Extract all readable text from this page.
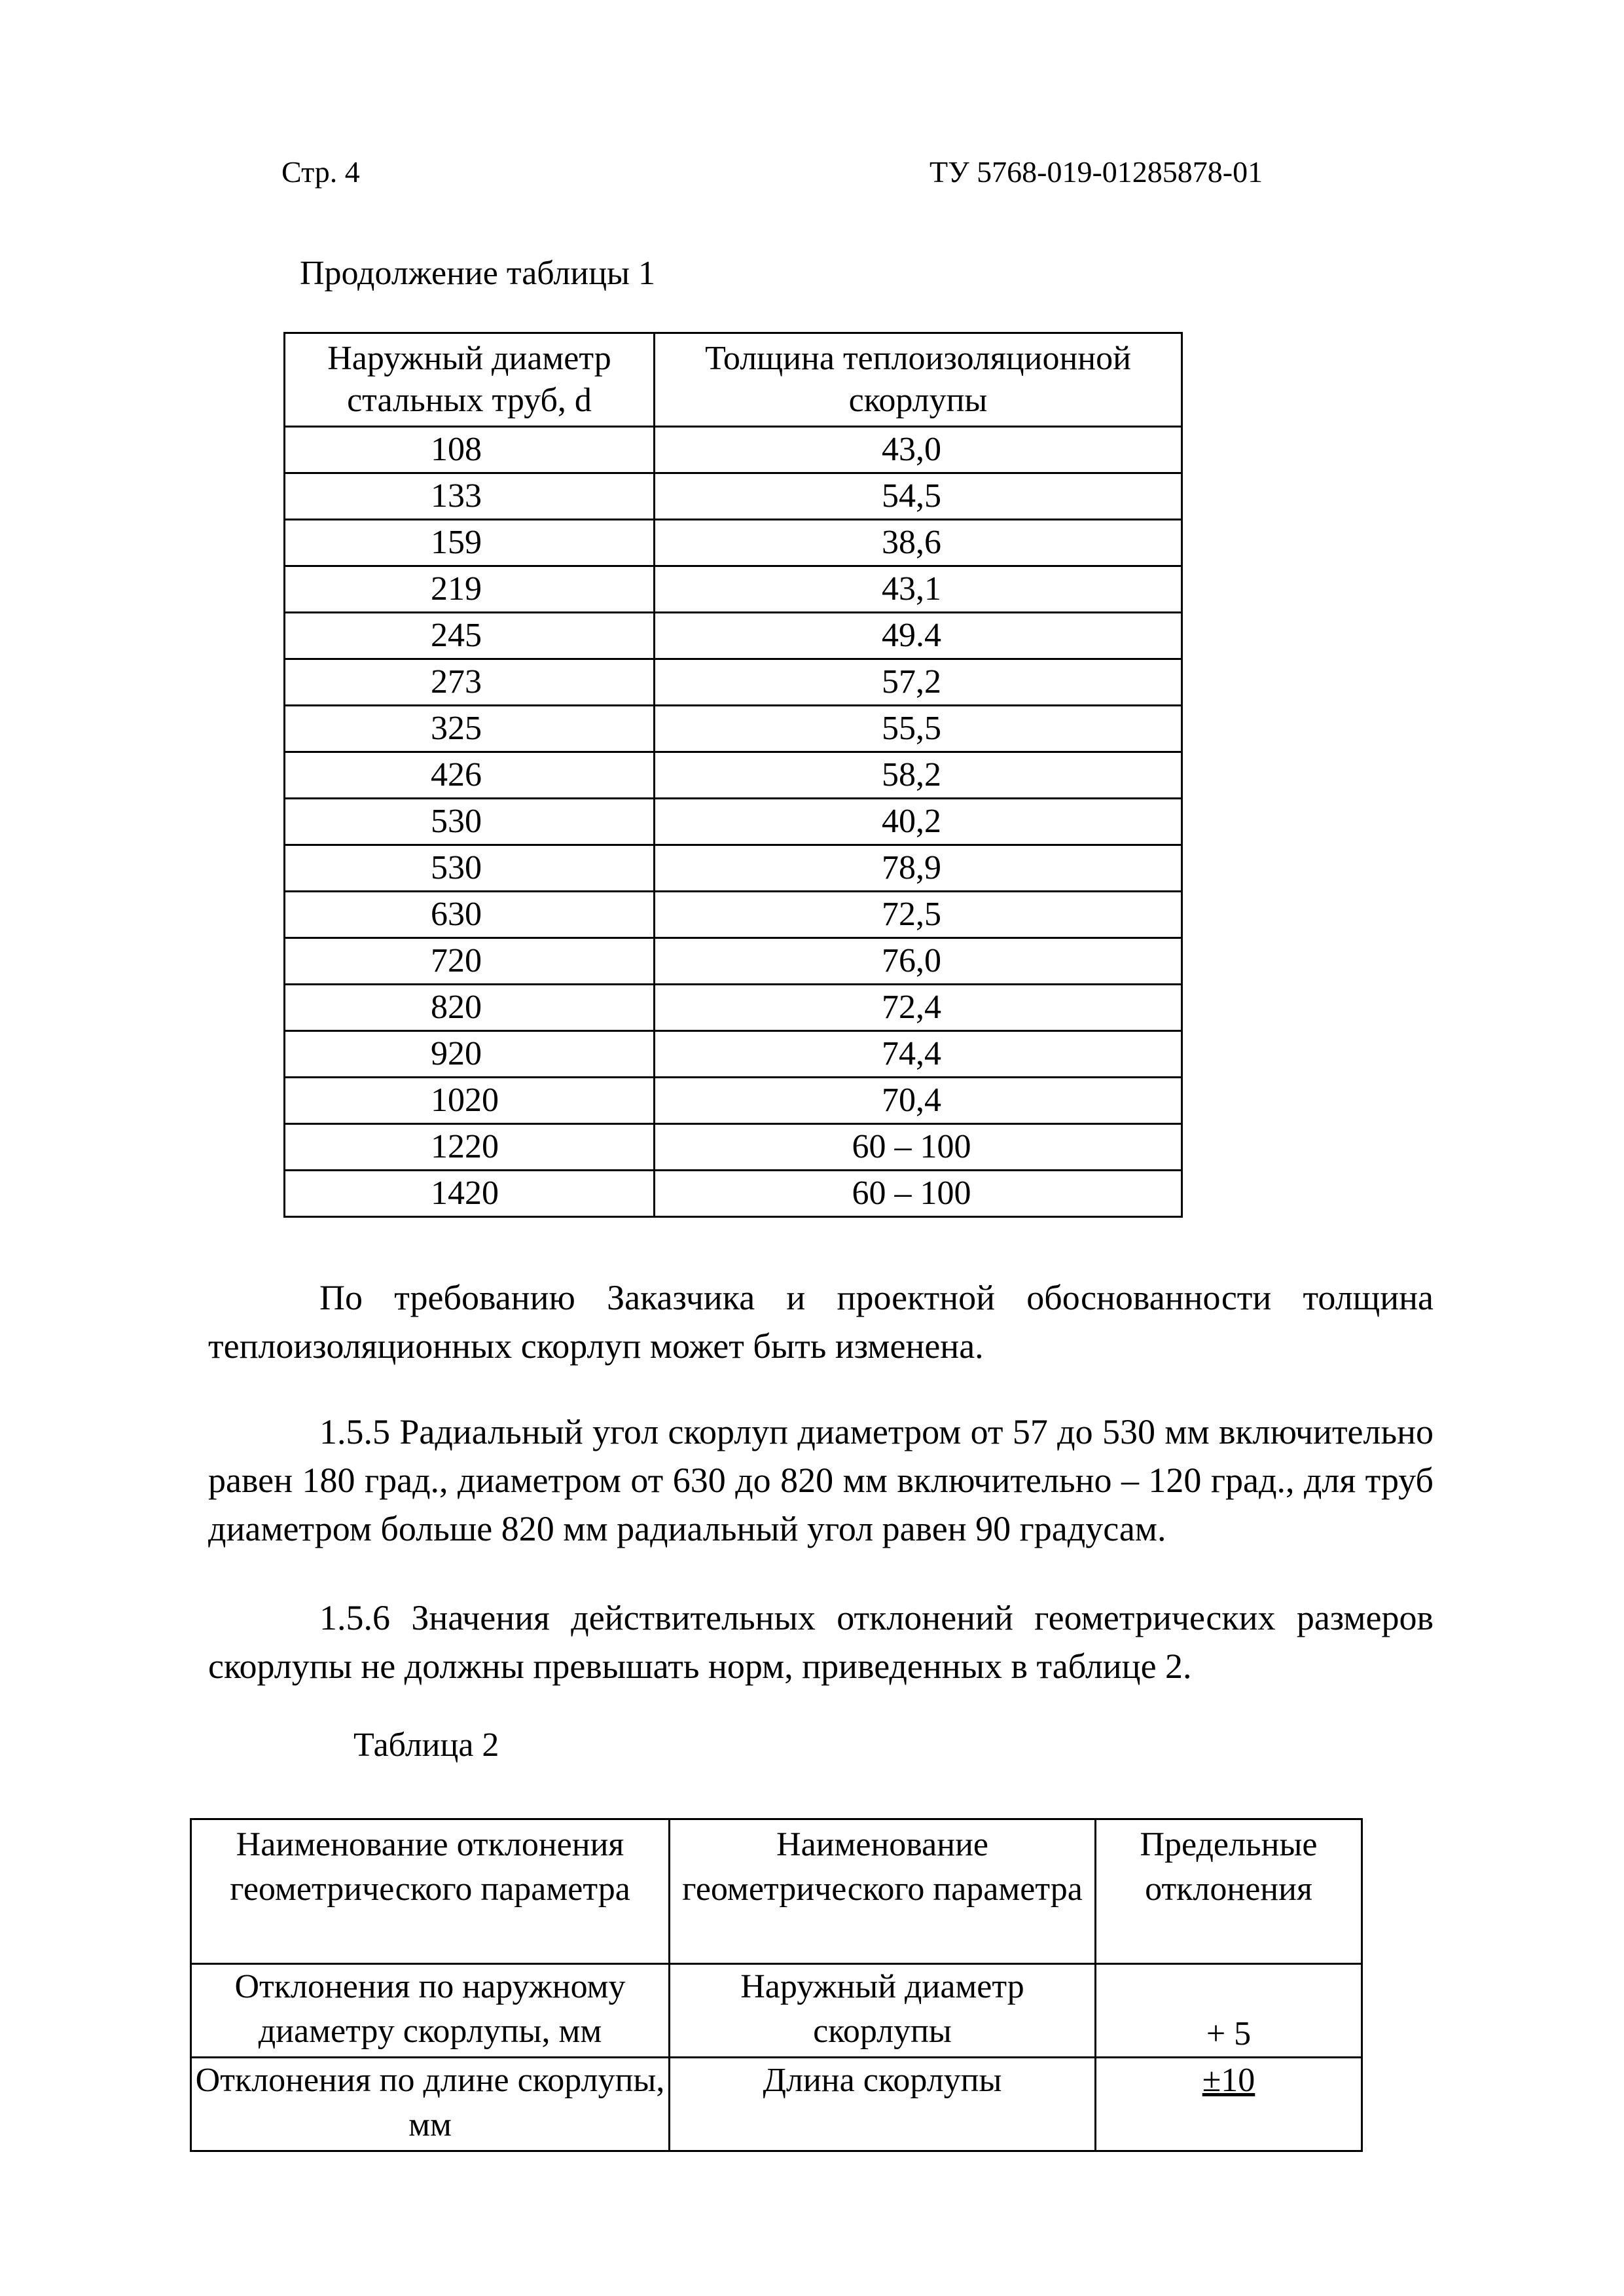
Стр. 4	ТУ 5768-019-01285878-01
Продолжение таблицы 1
Наружный диаметр стальных труб, d	Толщина теплоизоляционной скорлупы
108	43,0
133	54,5
159	38,6
219	43,1
245	49.4
273	57,2
325	55,5
426	58,2
530	40,2
530	78,9
630	72,5
720	76,0
820	72,4
920	74,4
1020	70,4
1220	60 – 100
1420	60 – 100

По требованию Заказчика и проектной обоснованности толщина теплоизоляционных скорлуп может быть изменена.

1.5.5 Радиальный угол скорлуп диаметром от 57 до 530 мм включительно равен 180 град., диаметром от 630 до 820 мм включительно – 120 град., для труб диаметром больше 820 мм радиальный угол равен 90 градусам.

1.5.6 Значения действительных отклонений геометрических размеров скорлупы не должны превышать норм, приведенных в таблице 2.

Таблица 2
Наименование отклонения геометрического параметра	Наименование геометрического параметра	Предельные отклонения
Отклонения по наружному диаметру скорлупы, мм	Наружный диаметр скорлупы	+ 5
Отклонения по длине скорлупы, мм	Длина скорлупы	±10
